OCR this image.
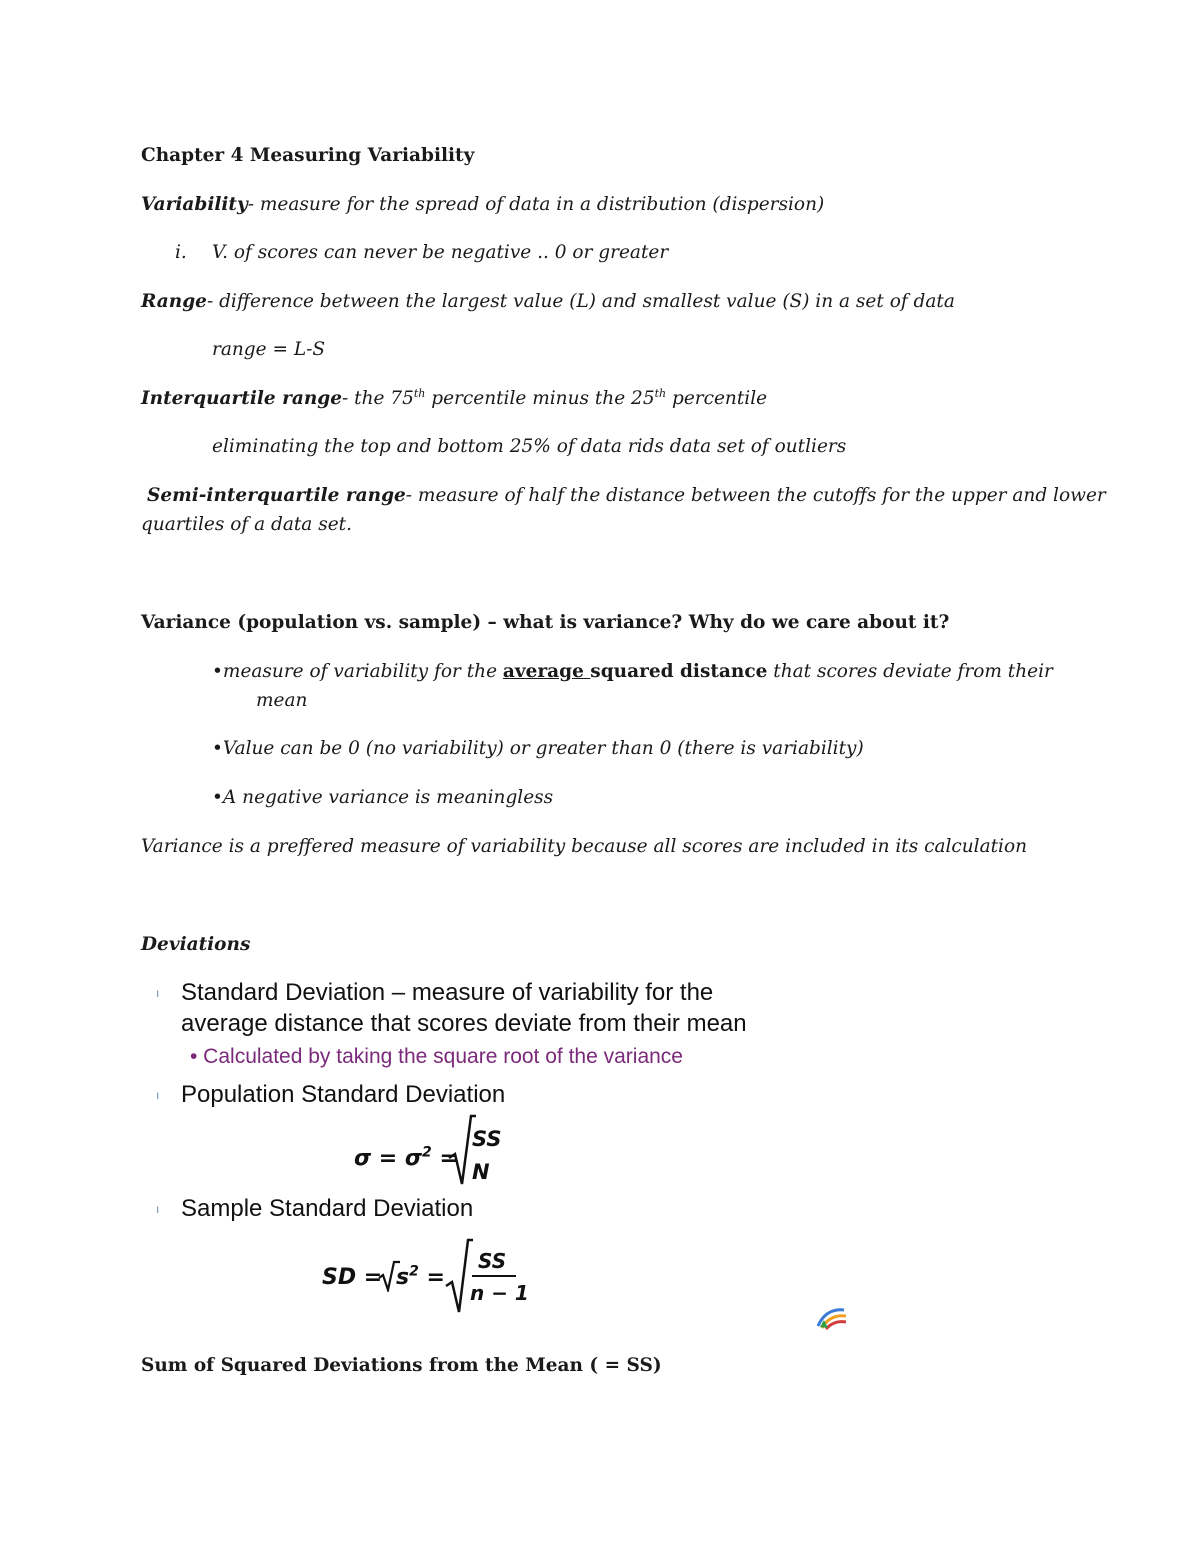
Chapter 4 Measuring Variability
Variability- measure for the spread of data in a distribution (dispersion)
i. V. of scores can never be negative .. 0 or greater
Range- difference between the largest value (L) and smallest value (S) in a set of data
range = L-S
Interquartile range- the 75th percentile minus the 25th percentile
eliminating the top and bottom 25% of data rids data set of outliers
Semi-interquartile range- measure of half the distance between the cutoffs for the upper and lower
quartiles of a data set.
Variance (population vs. sample) – what is variance? Why do we care about it?
•measure of variability for the average squared distance that scores deviate from their
mean
•Value can be 0 (no variability) or greater than 0 (there is variability)
•A negative variance is meaningless
Variance is a preffered measure of variability because all scores are included in its calculation
Deviations
ı Standard Deviation – measure of variability for the
average distance that scores deviate from their mean
• Calculated by taking the square root of the variance
ı Population Standard Deviation
$\sigma = \sigma^2$ =
SS
N
ı Sample Standard Deviation
SD = $s^2$ =
SS
n − 1
Sum of Squared Deviations from the Mean ( = SS)
